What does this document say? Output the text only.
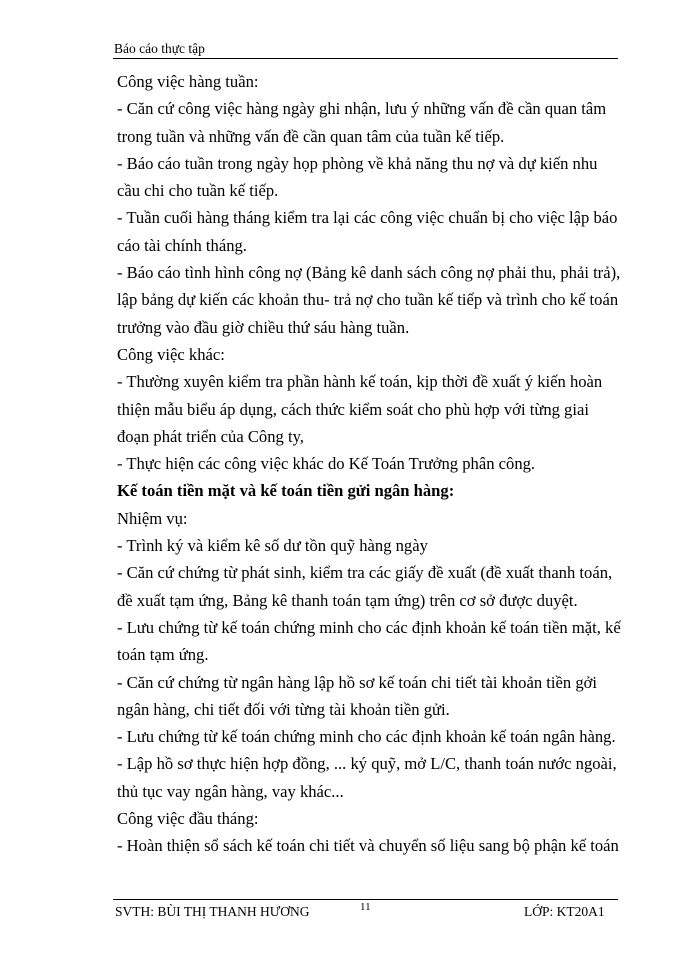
Báo cáo thực tập
Công việc hàng tuần:
- Căn cứ công việc hàng ngày ghi nhận, lưu ý những vấn đề cần quan tâm
trong tuần và những vấn đề cần quan tâm của tuần kế tiếp.
- Báo cáo tuần trong ngày họp phòng về khả năng thu nợ và dự kiến nhu
cầu chi cho tuần kế tiếp.
- Tuần cuối hàng tháng kiểm tra lại các công việc chuẩn bị cho việc lập báo
cáo tài chính tháng.
- Báo cáo tình hình công nợ (Bảng kê danh sách công nợ phải thu, phải trả),
lập bảng dự kiến các khoản thu- trả nợ cho tuần kế tiếp và trình cho kế toán
trưởng vào đầu giờ chiều thứ sáu hàng tuần.
Công việc khác:
- Thường xuyên kiểm tra phần hành kế toán, kịp thời đề xuất ý kiến hoàn
thiện mẫu biểu áp dụng, cách thức kiểm soát cho phù hợp với từng giai
đoạn phát triển của Công ty,
- Thực hiện các công việc khác do Kế Toán Trưởng phân công.
Kế toán tiền mặt và kế toán tiền gửi ngân hàng:
Nhiệm vụ:
- Trình ký và kiểm kê số dư tồn quỹ hàng ngày
- Căn cứ chứng từ phát sinh, kiểm tra các giấy đề xuất (đề xuất thanh toán,
đề xuất tạm ứng, Bảng kê thanh toán tạm ứng) trên cơ sở được duyệt.
- Lưu chứng từ kế toán chứng minh cho các định khoản kế toán tiền mặt, kế
toán tạm ứng.
- Căn cứ chứng từ ngân hàng lập hồ sơ kế toán chi tiết tài khoản tiền gởi
ngân hàng, chi tiết đối với từng tài khoản tiền gửi.
- Lưu chứng từ kế toán chứng minh cho các định khoản kế toán ngân hàng.
- Lập hồ sơ thực hiện hợp đồng, ... ký quỹ, mở L/C, thanh toán nước ngoài,
thủ tục vay ngân hàng, vay khác...
Công việc đầu tháng:
- Hoàn thiện sổ sách kế toán chi tiết và chuyển số liệu sang bộ phận kế toán
SVTH: BÙI THỊ THANH HƯƠNG	11	LỚP: KT20A1
